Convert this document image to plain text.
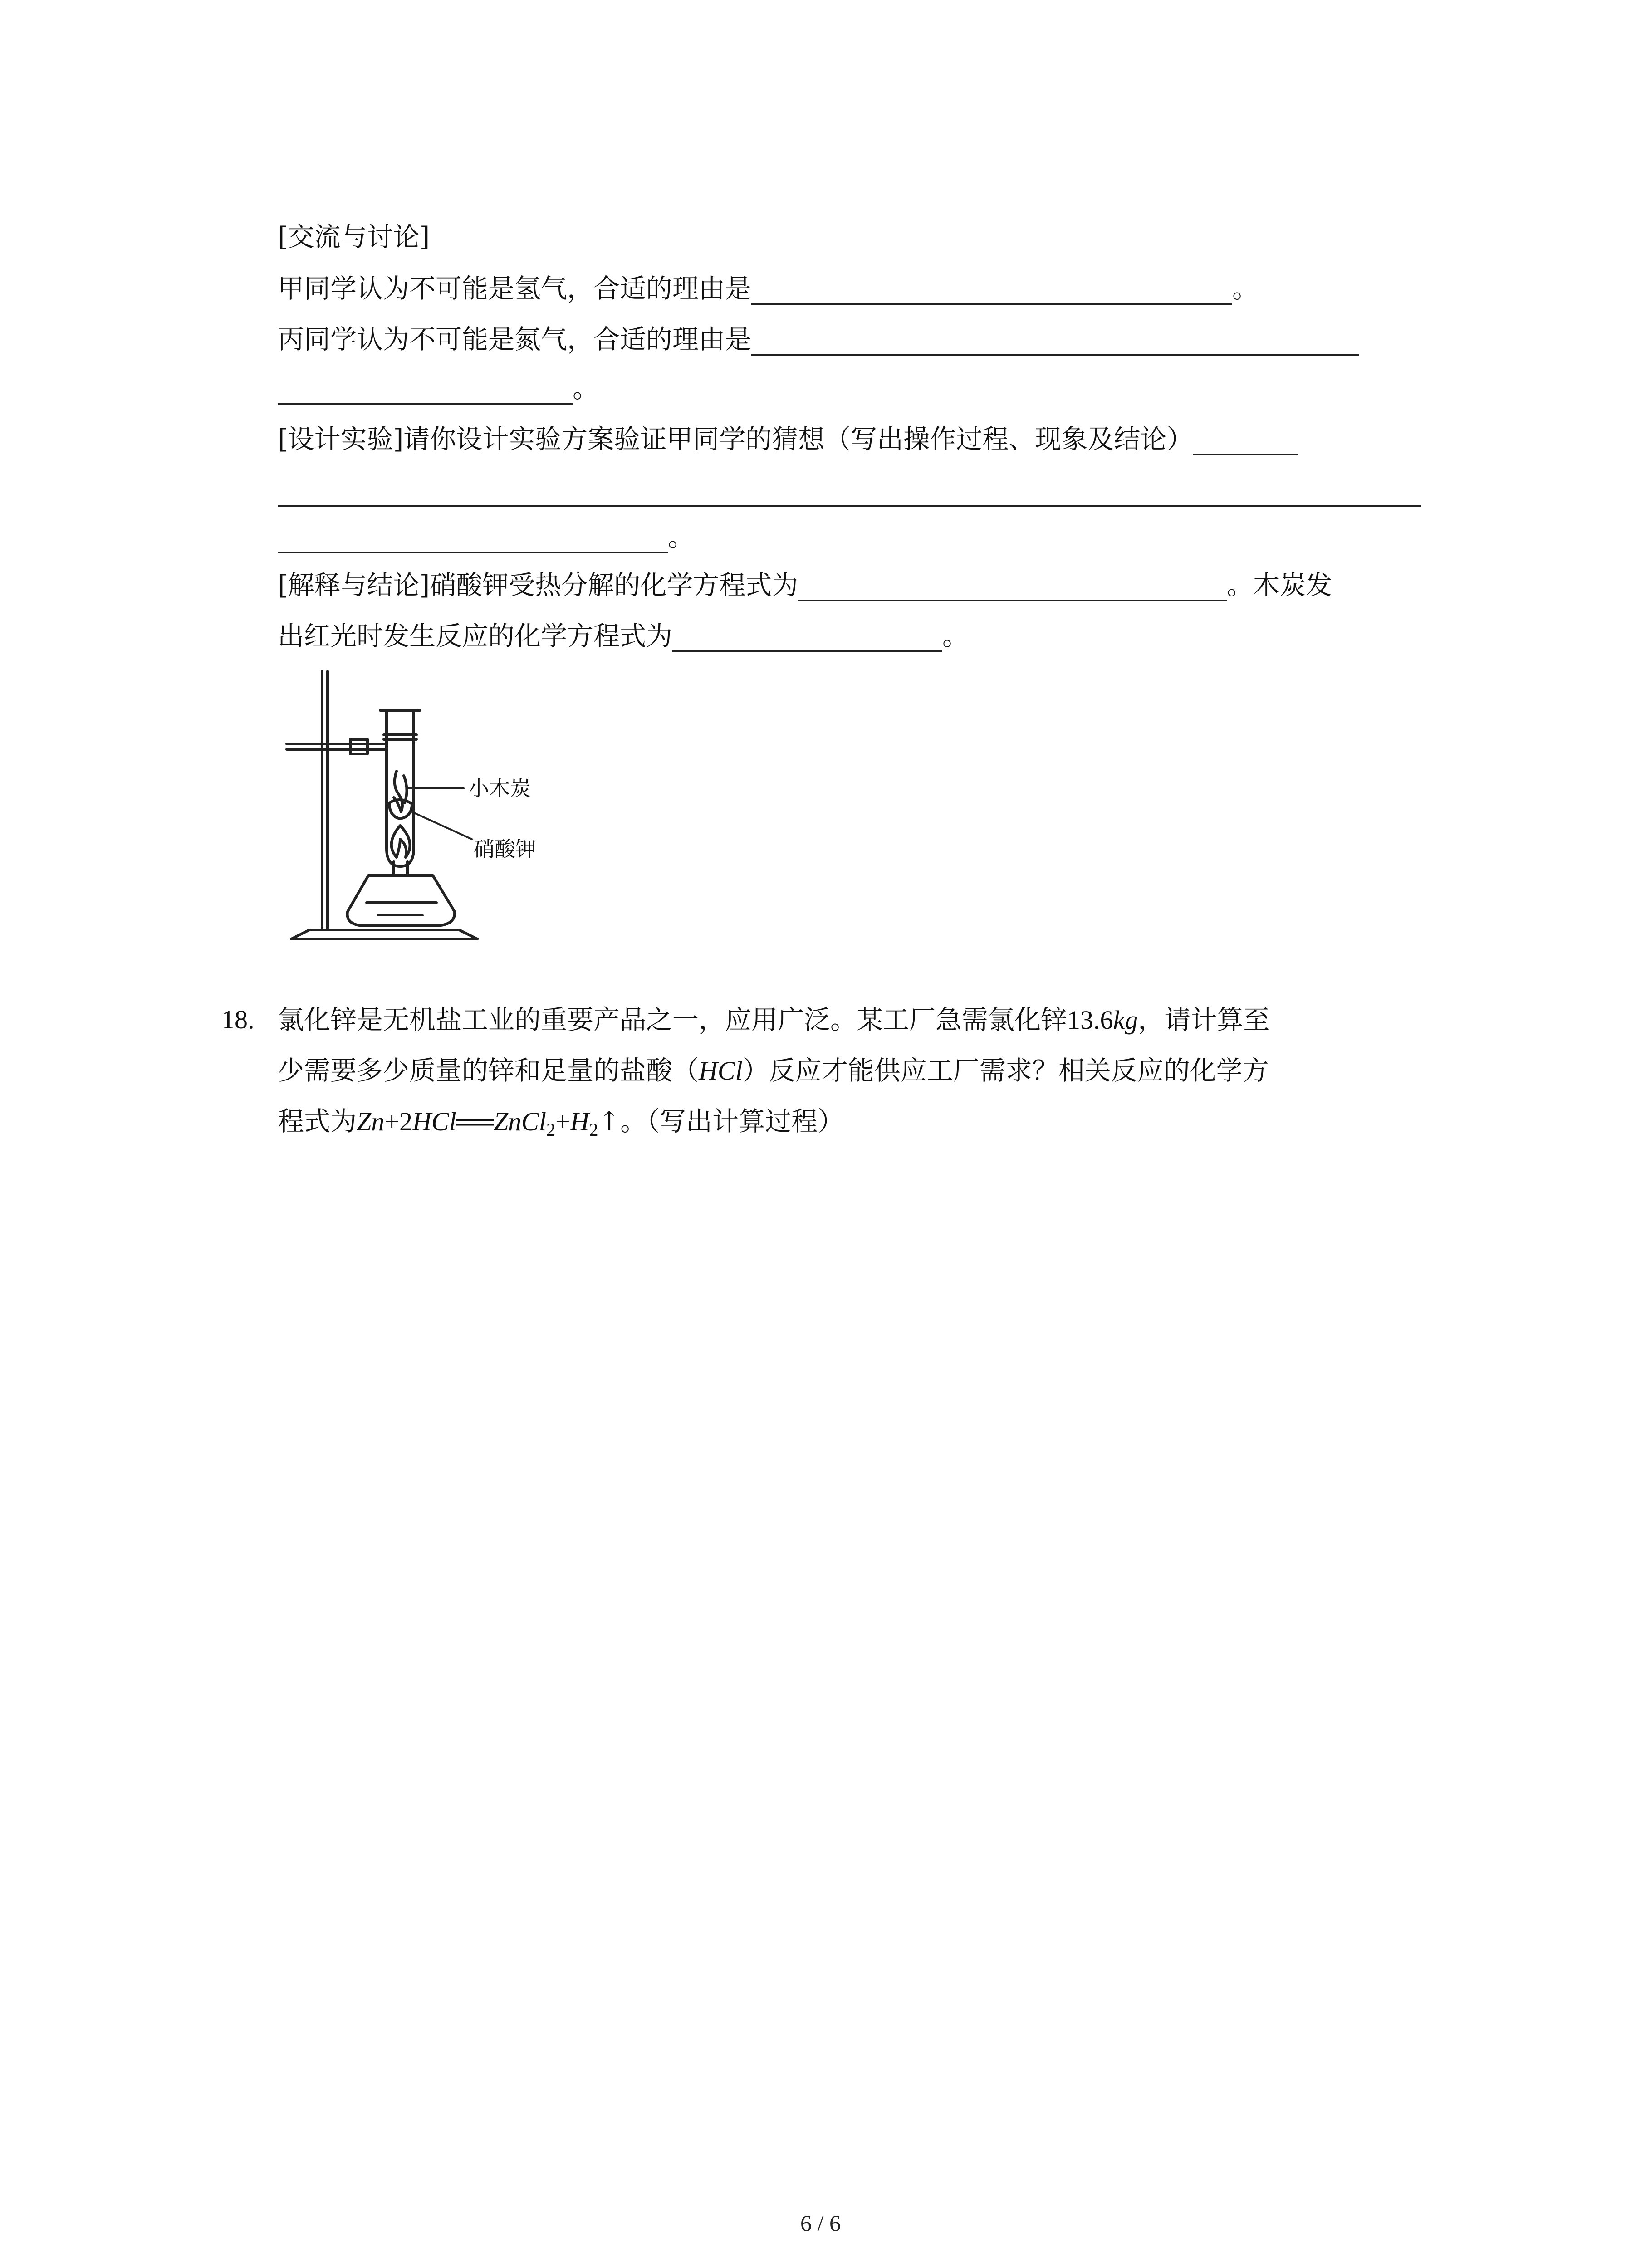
[交流与讨论]
甲同学认为不可能是氢气，合适的理由是	。
丙同学认为不可能是氮气，合适的理由是
。
[设计实验]请你设计实验方案验证甲同学的猜想（写出操作过程、现象及结论）
。
[解释与结论]硝酸钾受热分解的化学方程式为	。木炭发
出红光时发生反应的化学方程式为	。
小木炭
硝酸钾
18. 氯化锌是无机盐工业的重要产品之一，应用广泛。某工厂急需氯化锌13.6kg，请计算至
少需要多少质量的锌和足量的盐酸（HCl）反应才能供应工厂需求？相关反应的化学方
程式为$Zn+2HCl══ZnCl_2+H_2↑$。（写出计算过程）
6 / 6
